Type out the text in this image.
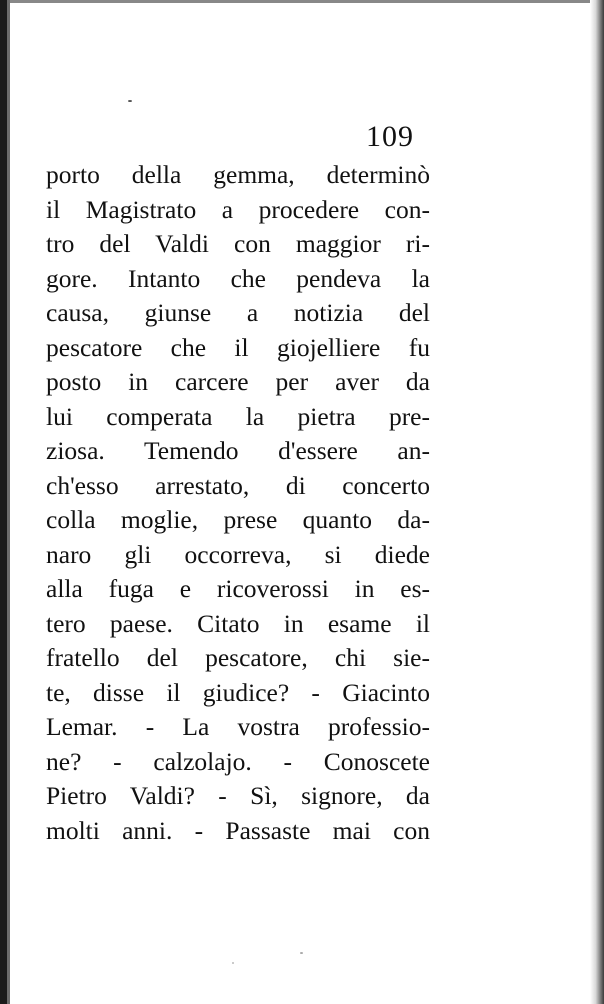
109
porto della gemma, determinò
il Magistrato a procedere con-
tro del Valdi con maggior ri-
gore. Intanto che pendeva la
causa, giunse a notizia del
pescatore che il giojelliere fu
posto in carcere per aver da
lui comperata la pietra pre-
ziosa. Temendo d'essere an-
ch'esso arrestato, di concerto
colla moglie, prese quanto da-
naro gli occorreva, si diede
alla fuga e ricoverossi in es-
tero paese. Citato in esame il
fratello del pescatore, chi sie-
te, disse il giudice? - Giacinto
Lemar. - La vostra professio-
ne? - calzolajo. - Conoscete
Pietro Valdi? - Sì, signore, da
molti anni. - Passaste mai con
